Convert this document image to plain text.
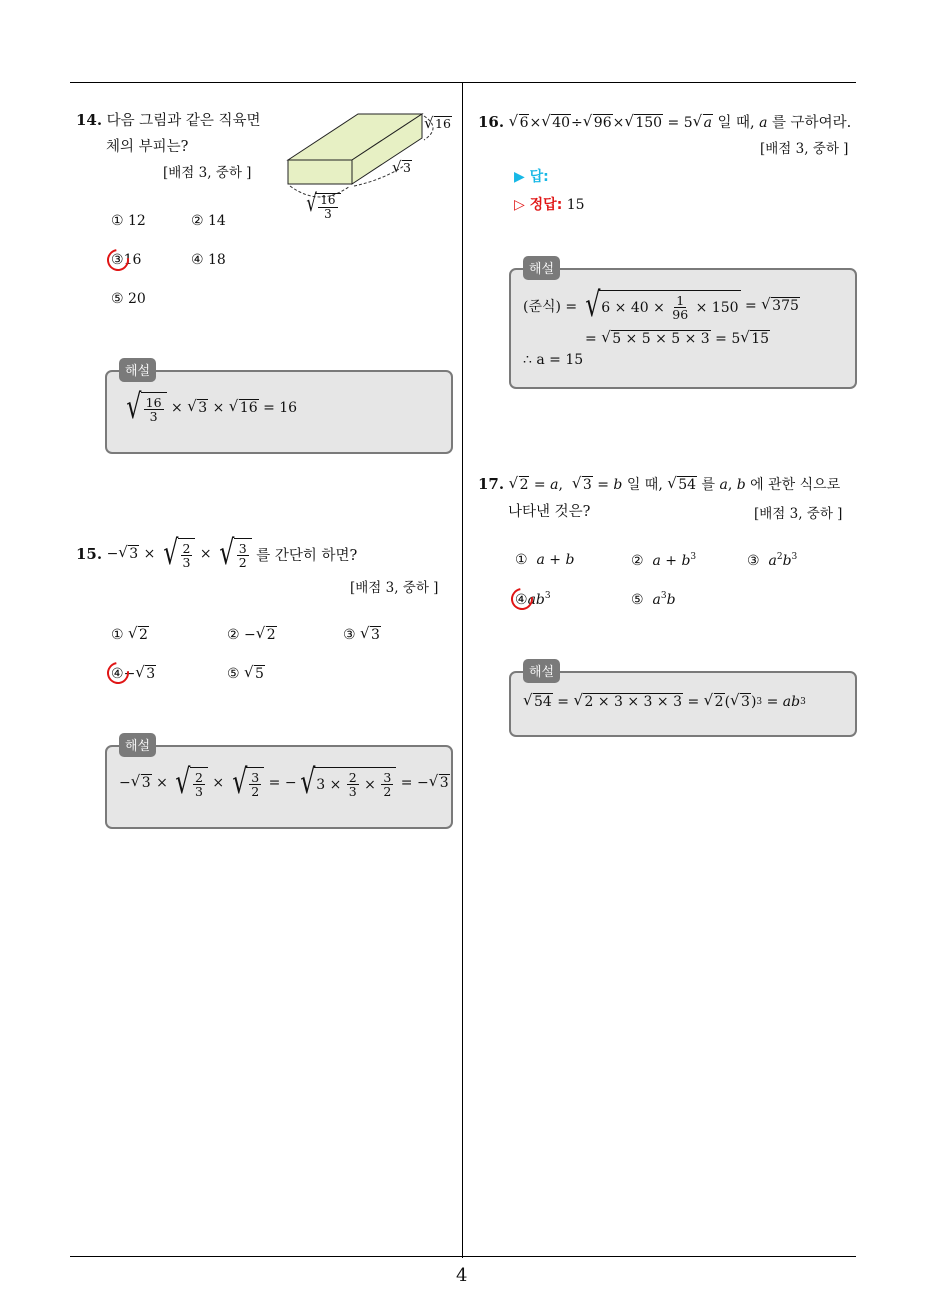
4
14. 다음 그림과 같은 직육면
체의 부피는?
[배점 3, 중하 ]
√ 16
√ 3
√ $\frac{16}{3}$
① 12	② 14
③16	④ 18
⑤ 20
√ $\frac{16}{3}$
×
	√ 3
×
	√ 16
= 16
해설
15.
− √ 3 × √ $\frac{2}{3}$ × √ $\frac{3}{2}$
를 간단히 하면?
[배점 3, 중하 ]
① √ 2	② − √ 2	③ √ 3
④− √ 3	⑤ √ 5
− √ 3 × √ $\frac{2}{3}$ × √ $\frac{3}{2}$
= − √ $3 \times \frac{2}{3} \times \frac{3}{2}$
= − √ 3
해설
16. √ 6× √ 40÷ √ 96× √ 150 = 5 √ a 일 때, a 를 구하여라.
[배점 3, 중하 ]
▶ 답:
▷ 정답: 15
(준식) =
√ $6 \times 40 \times \frac{1}{96} \times 150$ = √ 375
= √ 5 × 5 × 5 × 3 = 5 √ 15
∴ a = 15
해설
17. √ 2 = a,  √ 3 = b 일 때, √ 54 를 a, b 에 관한 식으로
나타낸 것은?	[배점 3, 중하 ]
① a + b	② $a + b^3$	③ $a^2b^3$
$④ab^3$	⑤ $a^3b$
√ 54 = √ 2 × 3 × 3 × 3 = √ 2 ( √ 3 ) 3 = ab 3
해설
